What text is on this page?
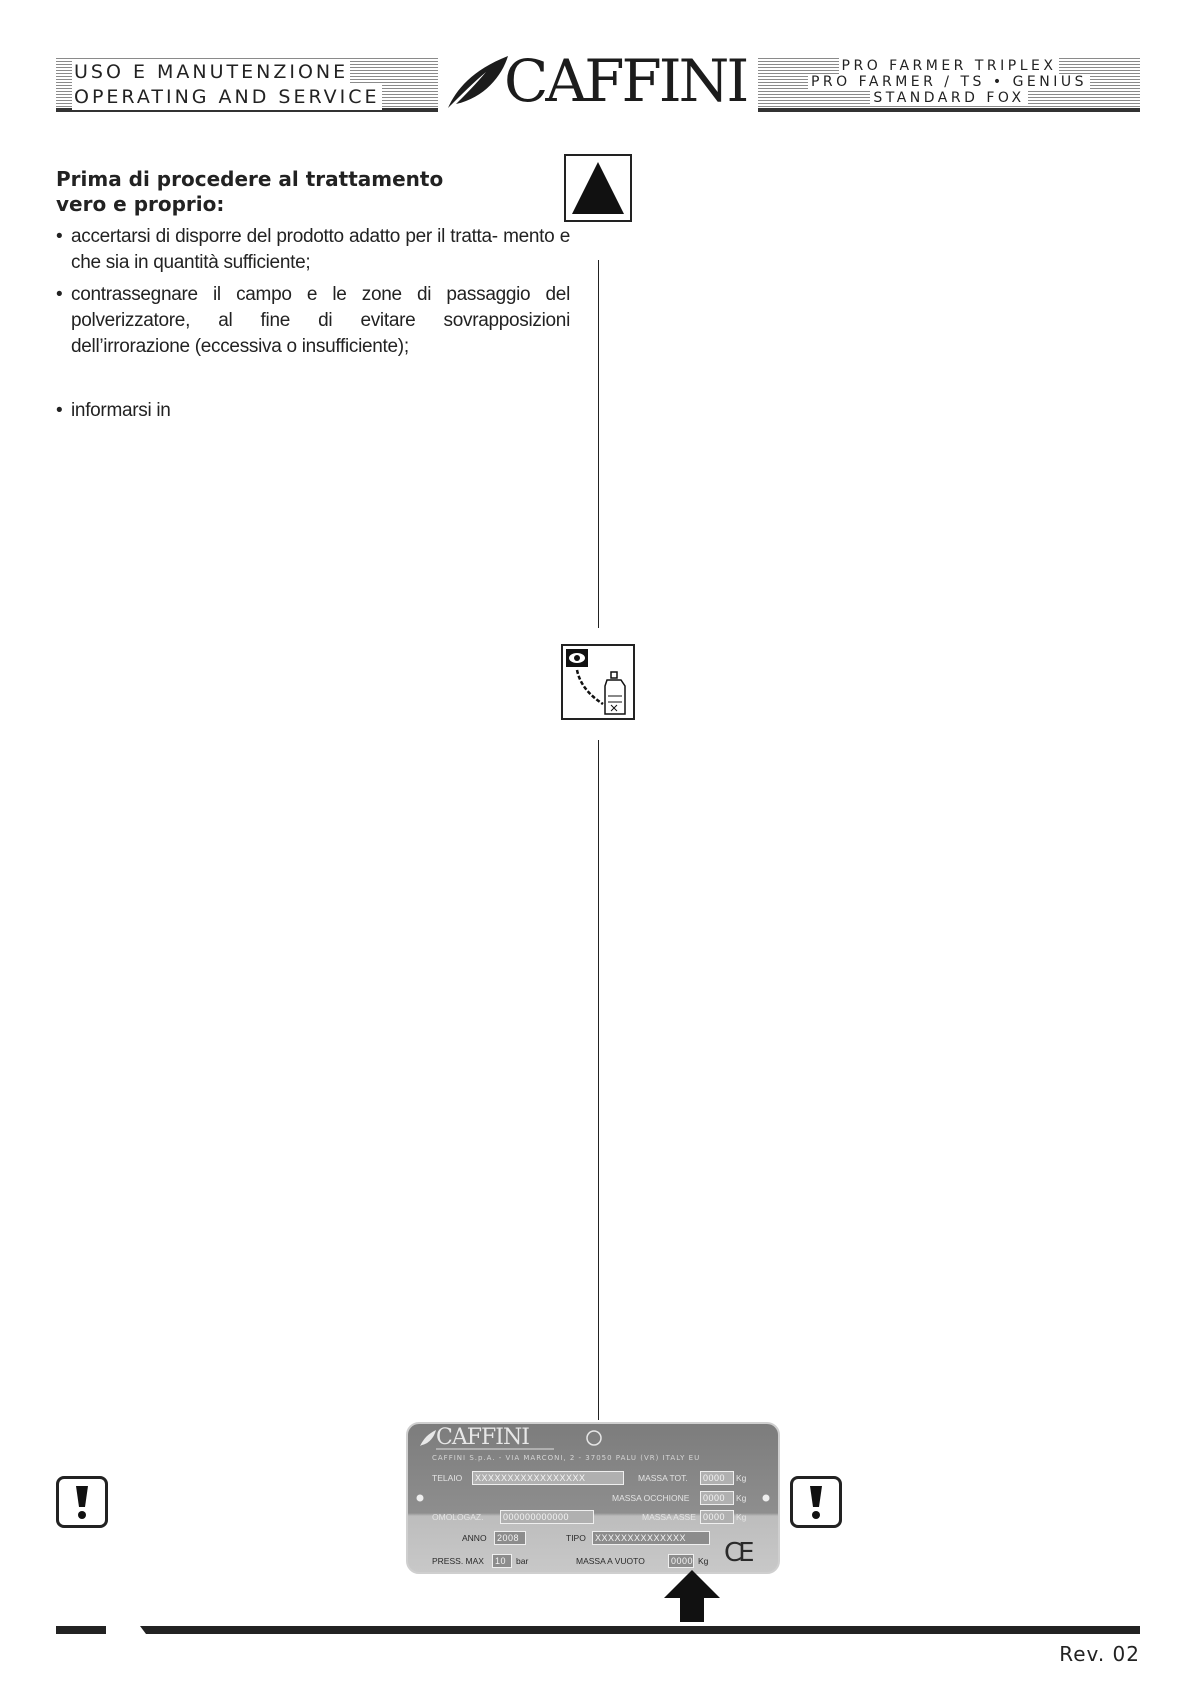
USO E MANUTENZIONE
OPERATING AND SERVICE CAFFINI	PRO FARMER TRIPLEX
PRO FARMER / TS • GENIUS
STANDARD FOX
Prima di procedere al trattamento
vero e proprio:
• accertarsi di disporre del prodotto adatto per il tratta- mento e che sia in quantità sufficiente;
• contrassegnare il campo e le zone di passaggio del polverizzatore, al fine di evitare sovrapposizioni dell’irrorazione (eccessiva o insufficiente);
• informarsi in
CAFFINI
CAFFINI S.p.A. - VIA MARCONI, 2 - 37050 PALU (VR) ITALY EU
TELAIO	XXXXXXXXXXXXXXXXX	MASSA TOT.	0000	Kg
MASSA OCCHIONE	0000	Kg
OMOLOGAZ.	000000000000	MASSA ASSE 0000	Kg
ANNO	2008	TIPO	XXXXXXXXXXXXXX
PRESS. MAX	10	bar	MASSA A VUOTO	0000 Kg CE
Rev. 02
